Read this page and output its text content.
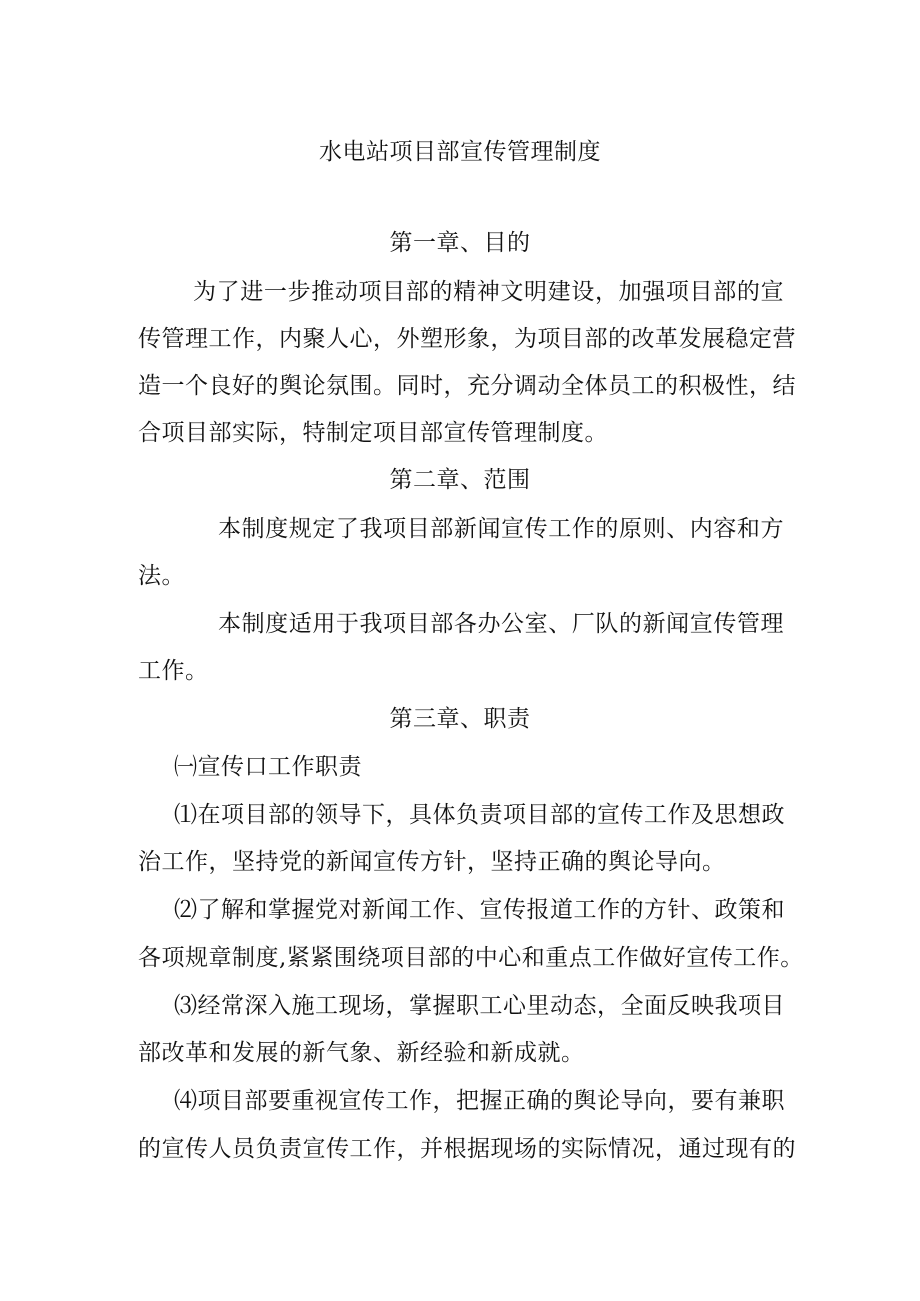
水电站项目部宣传管理制度
第一章、目的
为了进一步推动项目部的精神文明建设，加强项目部的宣
传管理工作，内聚人心，外塑形象，为项目部的改革发展稳定营
造一个良好的舆论氛围。同时，充分调动全体员工的积极性，结
合项目部实际，特制定项目部宣传管理制度。
第二章、范围
本制度规定了我项目部新闻宣传工作的原则、内容和方
法。
本制度适用于我项目部各办公室、厂队的新闻宣传管理
工作。
第三章、职责
㈠宣传口工作职责
⑴在项目部的领导下，具体负责项目部的宣传工作及思想政
治工作，坚持党的新闻宣传方针，坚持正确的舆论导向。
⑵了解和掌握党对新闻工作、宣传报道工作的方针、政策和
各项规章制度,紧紧围绕项目部的中心和重点工作做好宣传工作。
⑶经常深入施工现场，掌握职工心里动态，全面反映我项目
部改革和发展的新气象、新经验和新成就。
⑷项目部要重视宣传工作，把握正确的舆论导向，要有兼职
的宣传人员负责宣传工作，并根据现场的实际情况，通过现有的
